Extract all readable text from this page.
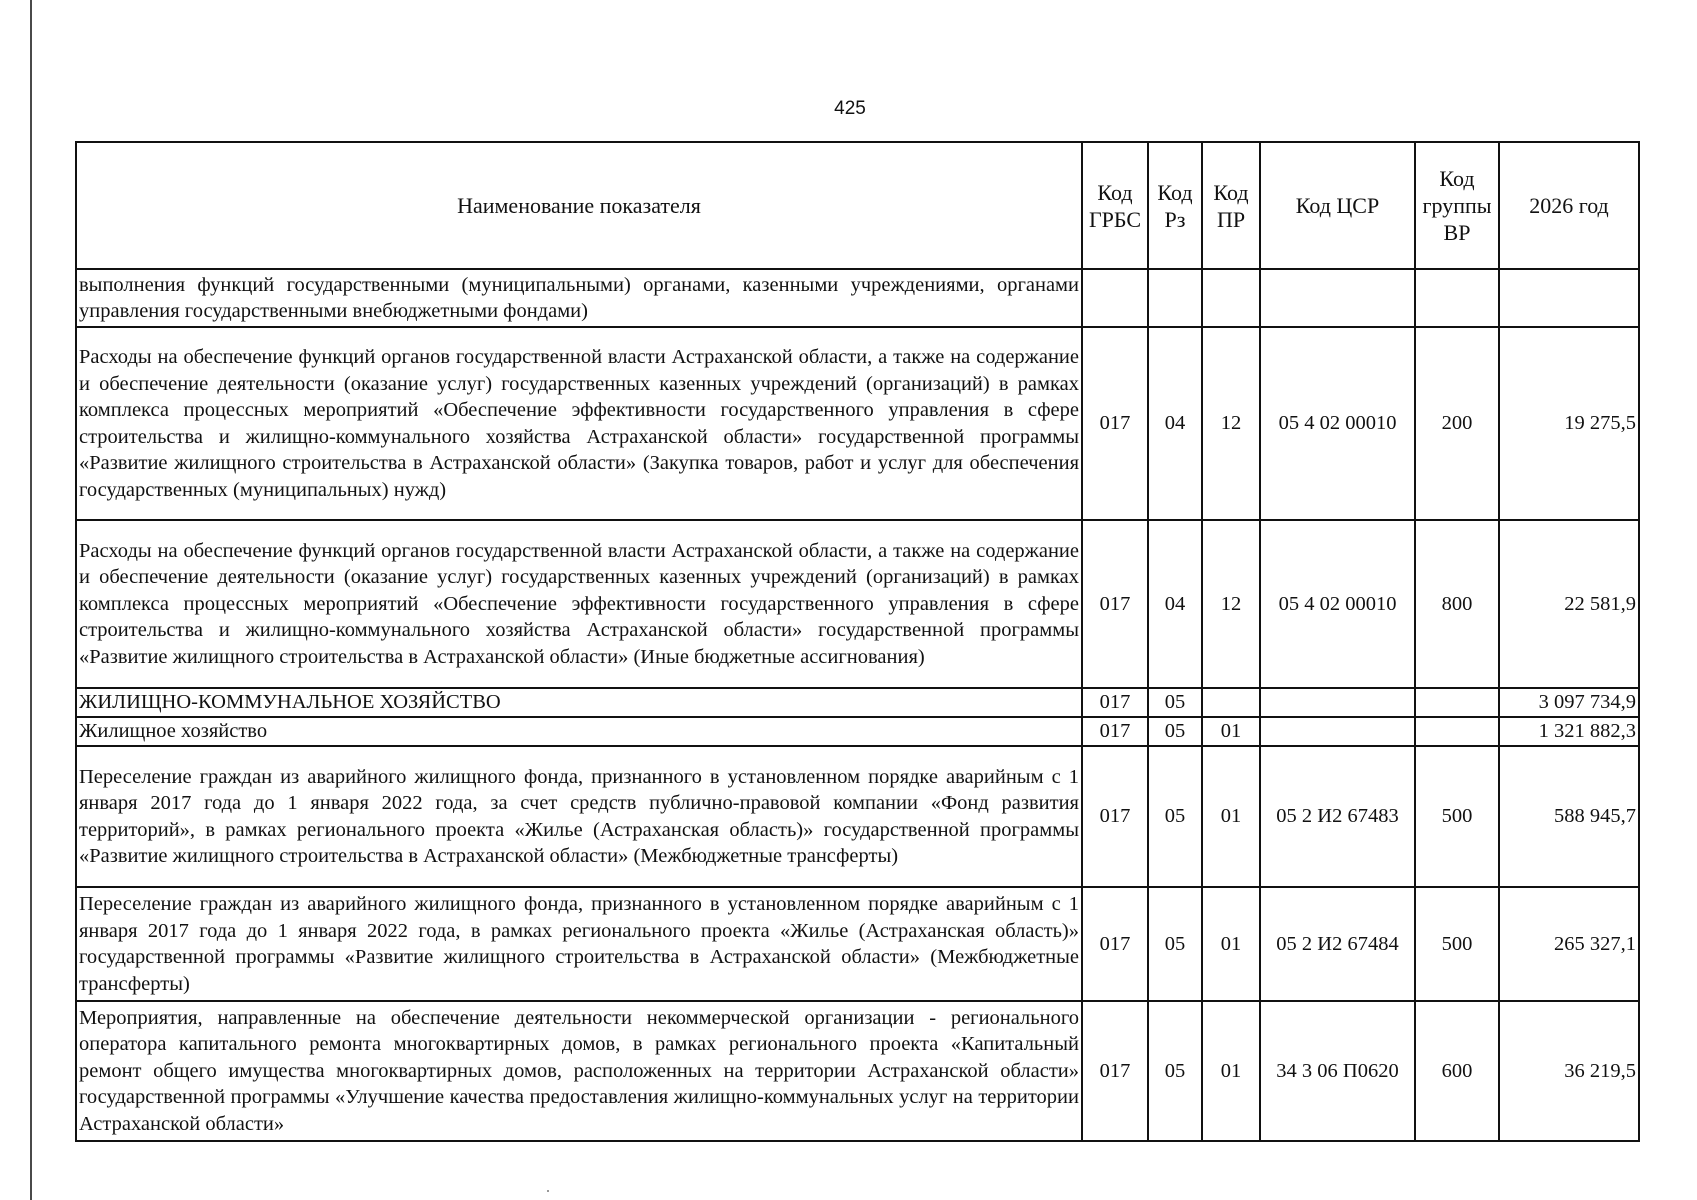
425
Наименование показателя	Код ГРБС	Код Рз	Код ПР	Код ЦСР	Код группы ВР	2026 год
выполнения функций государственными (муниципальными) органами, казенными учреждениями, органами управления государственными внебюджетными фондами)						
Расходы на обеспечение функций органов государственной власти Астраханской области, а также на содержание и обеспечение деятельности (оказание услуг) государственных казенных учреждений (организаций) в рамках комплекса процессных мероприятий «Обеспечение эффективности государственного управления в сфере строительства и жилищно-коммунального хозяйства Астраханской области» государственной программы «Развитие жилищного строительства в Астраханской области» (Закупка товаров, работ и услуг для обеспечения государственных (муниципальных) нужд)	017	04	12	05 4 02 00010	200	19 275,5
Расходы на обеспечение функций органов государственной власти Астраханской области, а также на содержание и обеспечение деятельности (оказание услуг) государственных казенных учреждений (организаций) в рамках комплекса процессных мероприятий «Обеспечение эффективности государственного управления в сфере строительства и жилищно-коммунального хозяйства Астраханской области» государственной программы «Развитие жилищного строительства в Астраханской области» (Иные бюджетные ассигнования)	017	04	12	05 4 02 00010	800	22 581,9
ЖИЛИЩНО-КОММУНАЛЬНОЕ ХОЗЯЙСТВО	017	05				3 097 734,9
Жилищное хозяйство	017	05	01			1 321 882,3
Переселение граждан из аварийного жилищного фонда, признанного в установленном порядке аварийным с 1 января 2017 года до 1 января 2022 года, за счет средств публично-правовой компании «Фонд развития территорий», в рамках регионального проекта «Жилье (Астраханская область)» государственной программы «Развитие жилищного строительства в Астраханской области» (Межбюджетные трансферты)	017	05	01	05 2 И2 67483	500	588 945,7
Переселение граждан из аварийного жилищного фонда, признанного в установленном порядке аварийным с 1 января 2017 года до 1 января 2022 года, в рамках регионального проекта «Жилье (Астраханская область)» государственной программы «Развитие жилищного строительства в Астраханской области» (Межбюджетные трансферты)	017	05	01	05 2 И2 67484	500	265 327,1
Мероприятия, направленные на обеспечение деятельности некоммерческой организации - регионального оператора капитального ремонта многоквартирных домов, в рамках регионального проекта «Капитальный ремонт общего имущества многоквартирных домов, расположенных на территории Астраханской области» государственной программы «Улучшение качества предоставления жилищно-коммунальных услуг на территории Астраханской области»	017	05	01	34 3 06 П0620	600	36 219,5
